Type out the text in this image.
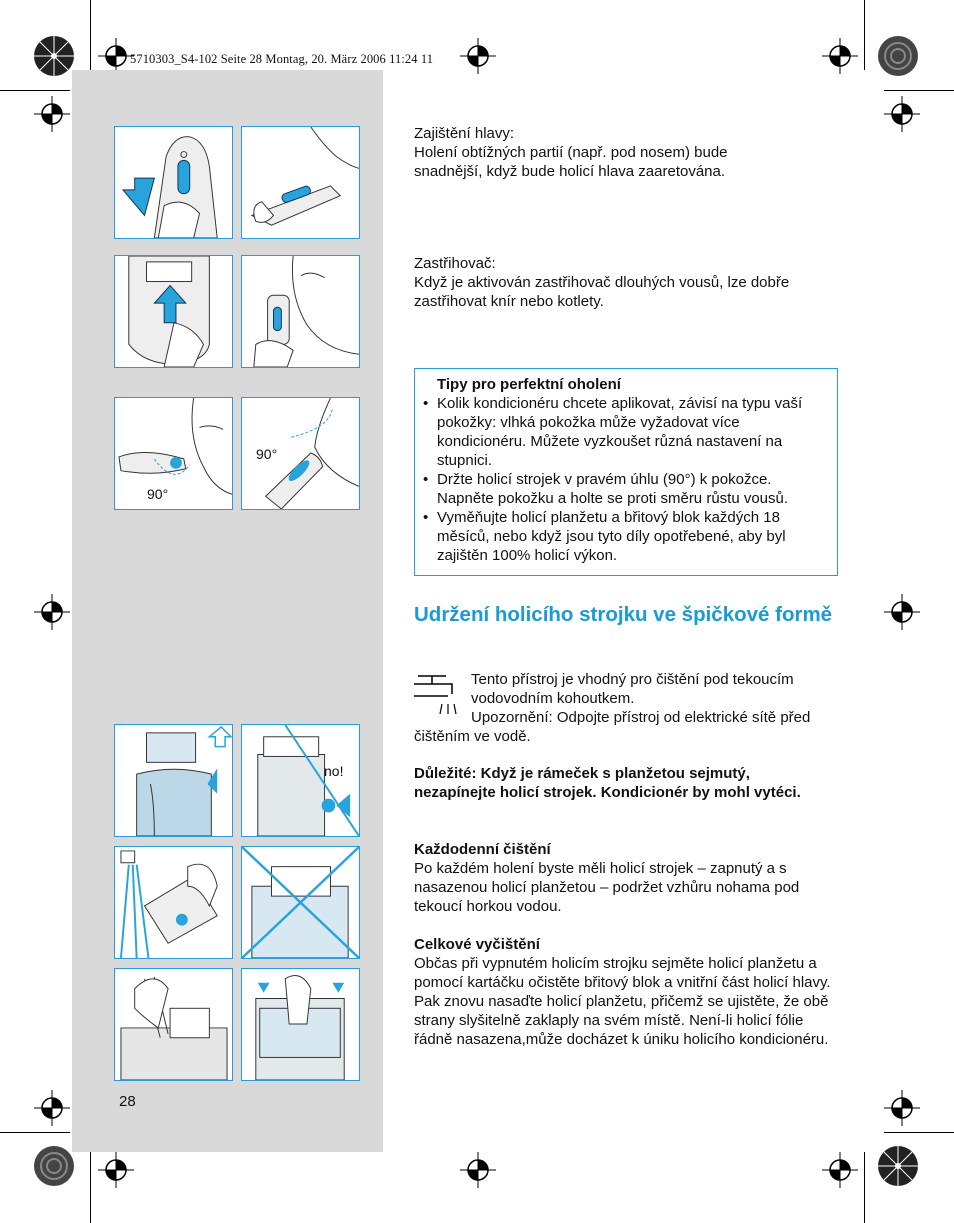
5710303_S4-102 Seite 28 Montag, 20. März 2006 11:24 11
90°
90°
no!

Zajištění hlavy:

Holení obtížných partií (např. pod nosem) bude snadnější, když bude holicí hlava zaaretována.

Zastřihovač:

Když je aktivován zastřihovač dlouhých vousů, lze dobře zastřihovat knír nebo kotlety.

Tipy pro perfektní oholení
• Kolik kondicionéru chcete aplikovat, závisí na typu vaší pokožky: vlhká pokožka může vyžadovat více kondicionéru. Můžete vyzkoušet různá nastavení na stupnici.
• Držte holicí strojek v pravém úhlu (90°) k pokožce. Napněte pokožku a holte se proti směru růstu vousů.
• Vyměňujte holicí planžetu a břitový blok každých 18 měsíců, nebo když jsou tyto díly opotřebené, aby byl zajištěn 100% holicí výkon.
Udržení holicího strojku ve špičkové formě

Tento přístroj je vhodný pro čištění pod tekoucím vodovodním kohoutkem.

Upozornění: Odpojte přístroj od elektrické sítě před čištěním ve vodě.

Důležité: Když je rámeček s planžetou sejmutý, nezapínejte holicí strojek. Kondicionér by mohl vytéci.

Každodenní čištění

Po každém holení byste měli holicí strojek – zapnutý a s nasazenou holicí planžetou – podržet vzhůru nohama pod tekoucí horkou vodou.

Celkové vyčištění

Občas při vypnutém holicím strojku sejměte holicí planžetu a pomocí kartáčku očistěte břitový blok a vnitřní část holicí hlavy. Pak znovu nasaďte holicí planžetu, přičemž se ujistěte, že obě strany slyšitelně zaklaply na svém místě. Není-li holicí fólie řádně nasazena,může docházet k úniku holicího kondicionéru.

28
